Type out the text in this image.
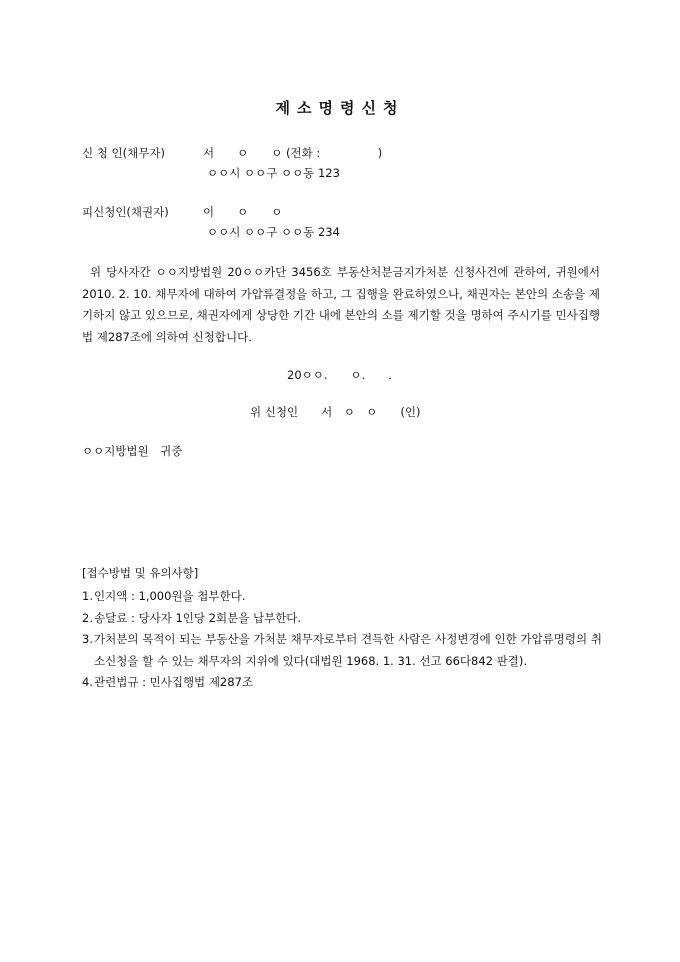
제소명령신청
신 청 인(채무자)	서　　ㅇ　　ㅇ (전화 :　　　　　)
ㅇㅇ시 ㅇㅇ구 ㅇㅇ동 123
피신청인(채권자)	이　　ㅇ　　ㅇ
ㅇㅇ시 ㅇㅇ구 ㅇㅇ동 234
위 당사자간 ㅇㅇ지방법원 20ㅇㅇ카단 3456호 부동산처분금지가처분 신청사건에 관하여, 귀원에서 2010. 2. 10. 채무자에 대하여 가압류결정을 하고, 그 집행을 완료하였으나, 채권자는 본안의 소송을 제기하지 않고 있으므로, 채권자에게 상당한 기간 내에 본안의 소를 제기할 것을 명하여 주시기를 민사집행법 제287조에 의하여 신청합니다.
20ㅇㅇ.　　ㅇ.　　.
위 신청인　　서　ㅇ　ㅇ　　(인)
ㅇㅇ지방법원　귀중
[접수방법 및 유의사항]
1. 인지액 : 1,000원을 첩부한다.
2. 송달료 : 당사자 1인당 2회분을 납부한다.
3. 가처분의 목적이 되는 부동산을 가처분 채무자로부터 견득한 사람은 사정변경에 인한 가압류명령의 취소신청을 할 수 있는 채무자의 지위에 있다(대법원 1968. 1. 31. 선고 66다842 판결).
4. 관련법규 : 민사집행법 제287조
